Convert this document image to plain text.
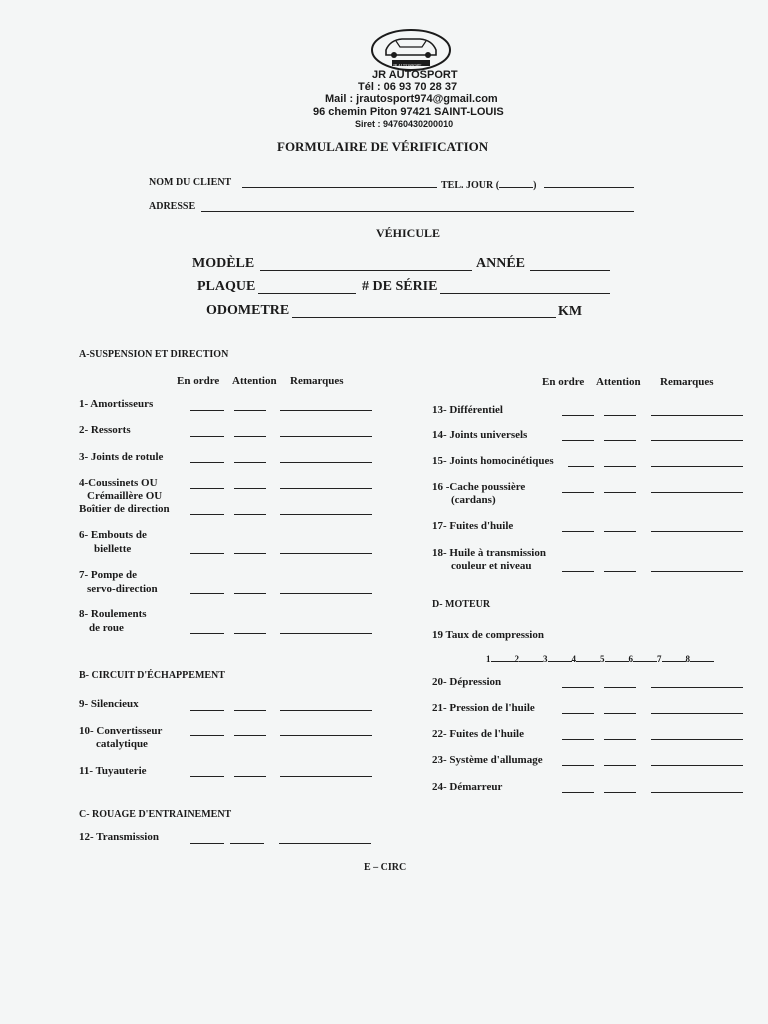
JR AUTOSPORT
JR AUTOSPORT
Tél : 06 93 70 28 37
Mail : jrautosport974@gmail.com
96 chemin Piton 97421 SAINT-LOUIS
Siret : 94760430200010
FORMULAIRE DE VÉRIFICATION
NOM DU CLIENT	TEL. JOUR (	)
ADRESSE
VÉHICULE
MODÈLE	ANNÉE
PLAQUE	# DE SÉRIE
ODOMETRE	KM
A-SUSPENSION ET DIRECTION
En ordre Attention Remarques	En ordre Attention Remarques
1- Amortisseurs
2- Ressorts
3- Joints de rotule
4-Coussinets OU
Crémaillère OU
Boîtier de direction
6- Embouts de
biellette
7- Pompe de
servo-direction
8- Roulements
de roue
B- CIRCUIT D'ÉCHAPPEMENT
9- Silencieux
10- Convertisseur
catalytique
11- Tuyauterie
C- ROUAGE D'ENTRAINEMENT
12- Transmission
13- Différentiel
14- Joints universels
15- Joints homocinétiques
16 -Cache poussière
(cardans)
17- Fuites d'huile
18- Huile à transmission
couleur et niveau
D- MOTEUR
19 Taux de compression
1	2	3	4	5	6	7	8
20- Dépression
21- Pression de l'huile
22- Fuites de l'huile
23- Système d'allumage
24- Démarreur
E – CIRC
